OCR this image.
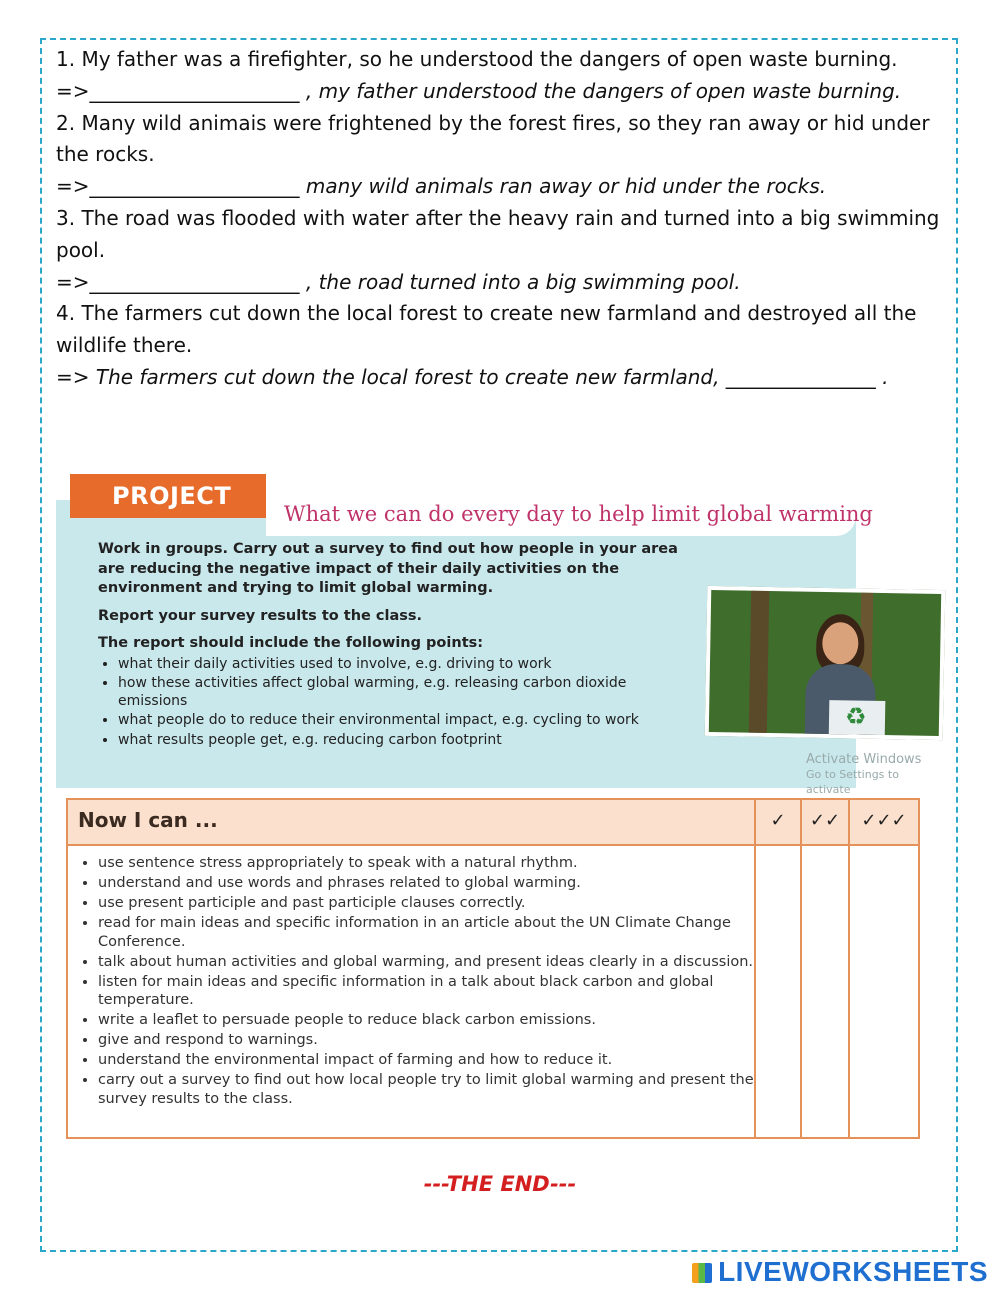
1. My father was a firefighter, so he understood the dangers of open waste burning.

=>_____________________ , my father understood the dangers of open waste burning.

2. Many wild animais were frightened by the forest fires, so they ran away or hid under the rocks.

=>_____________________ many wild animals ran away or hid under the rocks.

3. The road was flooded with water after the heavy rain and turned into a big swimming pool.

=>_____________________ , the road turned into a big swimming pool.

4. The farmers cut down the local forest to create new farmland and destroyed all the wildlife there.

=> The farmers cut down the local forest to create new farmland, _______________ .

PROJECT
What we can do every day to help limit global warming
Work in groups. Carry out a survey to find out how people in your area are reducing the negative impact of their daily activities on the environment and trying to limit global warming.
Report your survey results to the class.
The report should include the following points:
• what their daily activities used to involve, e.g. driving to work
• how these activities affect global warming, e.g. releasing carbon dioxide emissions
• what people do to reduce their environmental impact, e.g. cycling to work
• what results people get, e.g. reducing carbon footprint
♻
Activate Windows
Go to Settings to activate
Now I can ...	✓	✓✓	✓✓✓
• use sentence stress appropriately to speak with a natural rhythm.
• understand and use words and phrases related to global warming.
• use present participle and past participle clauses correctly.
• read for main ideas and specific information in an article about the UN Climate Change Conference.
• talk about human activities and global warming, and present ideas clearly in a discussion.
• listen for main ideas and specific information in a talk about black carbon and global temperature.
• write a leaflet to persuade people to reduce black carbon emissions.
• give and respond to warnings.
• understand the environmental impact of farming and how to reduce it.
• carry out a survey to find out how local people try to limit global warming and present the survey results to the class.
---THE END---
LIVEWORKSHEETS
